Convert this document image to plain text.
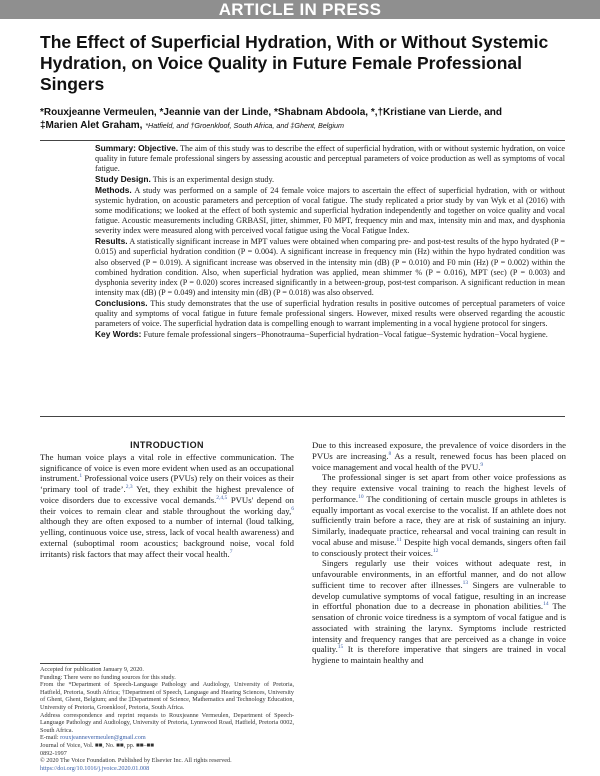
ARTICLE IN PRESS
The Effect of Superficial Hydration, With or Without Systemic Hydration, on Voice Quality in Future Female Professional Singers
*Rouxjeanne Vermeulen, *Jeannie van der Linde, *Shabnam Abdoola, *,†Kristiane van Lierde, and
‡Marien Alet Graham, *Hatfield, and †Groenkloof, South Africa, and ‡Ghent, Belgium

Summary: Objective. The aim of this study was to describe the effect of superficial hydration, with or without systemic hydration, on voice quality in future female professional singers by assessing acoustic and perceptual parameters of voice production as well as symptoms of vocal fatigue.

Study Design. This is an experimental design study.

Methods. A study was performed on a sample of 24 female voice majors to ascertain the effect of superficial hydration, with or without systemic hydration, on acoustic parameters and perception of vocal fatigue. The study replicated a prior study by van Wyk et al (2016) with some modifications; we looked at the effect of both systemic and superficial hydration independently and together on voice quality and vocal fatigue. Acoustic measurements including GRBASI, jitter, shimmer, F0 MPT, frequency min and max, intensity min and max, and dysphonia severity index were measured along with perceived vocal fatigue using the Vocal Fatigue Index.

Results. A statistically significant increase in MPT values were obtained when comparing pre- and post-test results of the hypo hydrated (P = 0.015) and superficial hydration condition (P = 0.004). A significant increase in frequency min (Hz) within the hypo hydrated condition was also observed (P = 0.019). A significant increase was observed in the intensity min (dB) (P = 0.010) and F0 min (Hz) (P = 0.002) within the combined hydration condition. Also, when superficial hydration was applied, mean shimmer % (P = 0.016), MPT (sec) (P = 0.003) and dysphonia severity index (P = 0.020) scores increased significantly in a between-group, post-test comparison. A significant reduction in mean intensity max (dB) (P = 0.049) and intensity min (dB) (P = 0.018) was also observed.

Conclusions. This study demonstrates that the use of superficial hydration results in positive outcomes of perceptual parameters of voice quality and symptoms of vocal fatigue in future female professional singers. However, mixed results were observed regarding the acoustic parameters of voice. The superficial hydration data is compelling enough to warrant implementing in a vocal hygiene protocol for singers.

Key Words: Future female professional singers−Phonotrauma−Superficial hydration−Vocal fatigue−Systemic hydration−Vocal hygiene.

INTRODUCTION

The human voice plays a vital role in effective communication. The significance of voice is even more evident when used as an occupational instrument.$^1$ Professional voice users (PVUs) rely on their voices as their ‘primary tool of trade’.$^{2,3}$ Yet, they exhibit the highest prevalence of voice disorders due to excessive vocal demands.$^{2,4,5}$ PVUs' depend on their voices to remain clear and stable throughout the working day,$^6$ although they are often exposed to a number of internal (loud talking, yelling, continuous voice use, stress, lack of vocal health awareness) and external (suboptimal room acoustics; background noise, vocal fold irritants) risk factors that may affect their vocal health.$^7$

Due to this increased exposure, the prevalence of voice disorders in the PVUs are increasing.$^8$ As a result, renewed focus has been placed on voice management and vocal health of the PVU.$^9$

The professional singer is set apart from other voice professions as they require extensive vocal training to reach the highest levels of performance.$^{10}$ The conditioning of certain muscle groups in athletes is equally important as vocal exercise to the vocalist. If an athlete does not sufficiently train before a race, they are at risk of sustaining an injury. Similarly, inadequate practice, rehearsal and vocal training can result in vocal abuse and misuse.$^{11}$ Despite high vocal demands, singers often fail to consciously protect their voices.$^{12}$

Singers regularly use their voices without adequate rest, in unfavourable environments, in an effortful manner, and do not allow sufficient time to recover after illnesses.$^{13}$ Singers are vulnerable to develop cumulative symptoms of vocal fatigue, resulting in an increase in effortful phonation due to a decrease in phonation abilities.$^{14}$ The sensation of chronic voice tiredness is a symptom of vocal fatigue and is associated with straining the larynx. Symptoms include restricted intensity and frequency ranges that are perceived as a change in voice quality.$^{15}$ It is therefore imperative that singers are trained in vocal hygiene to maintain healthy and

Accepted for publication January 9, 2020.

Funding: There were no funding sources for this study.

From the *Department of Speech-Language Pathology and Audiology, University of Pretoria, Hatfield, Pretoria, South Africa; †Department of Speech, Language and Hearing Sciences, University of Ghent, Ghent, Belgium; and the ‡Department of Science, Mathematics and Technology Education, University of Pretoria, Groenkloof, Pretoria, South Africa.

Address correspondence and reprint requests to Rouxjeanne Vermeulen, Department of Speech-Language Pathology and Audiology, University of Pretoria, Lynnwood Road, Hatfield, Pretoria 0002, South Africa.

E-mail: rouxjeannevermeulen@gmail.com

Journal of Voice, Vol. ■■, No. ■■, pp. ■■–■■

0892-1997

© 2020 The Voice Foundation. Published by Elsevier Inc. All rights reserved.

https://doi.org/10.1016/j.jvoice.2020.01.008
